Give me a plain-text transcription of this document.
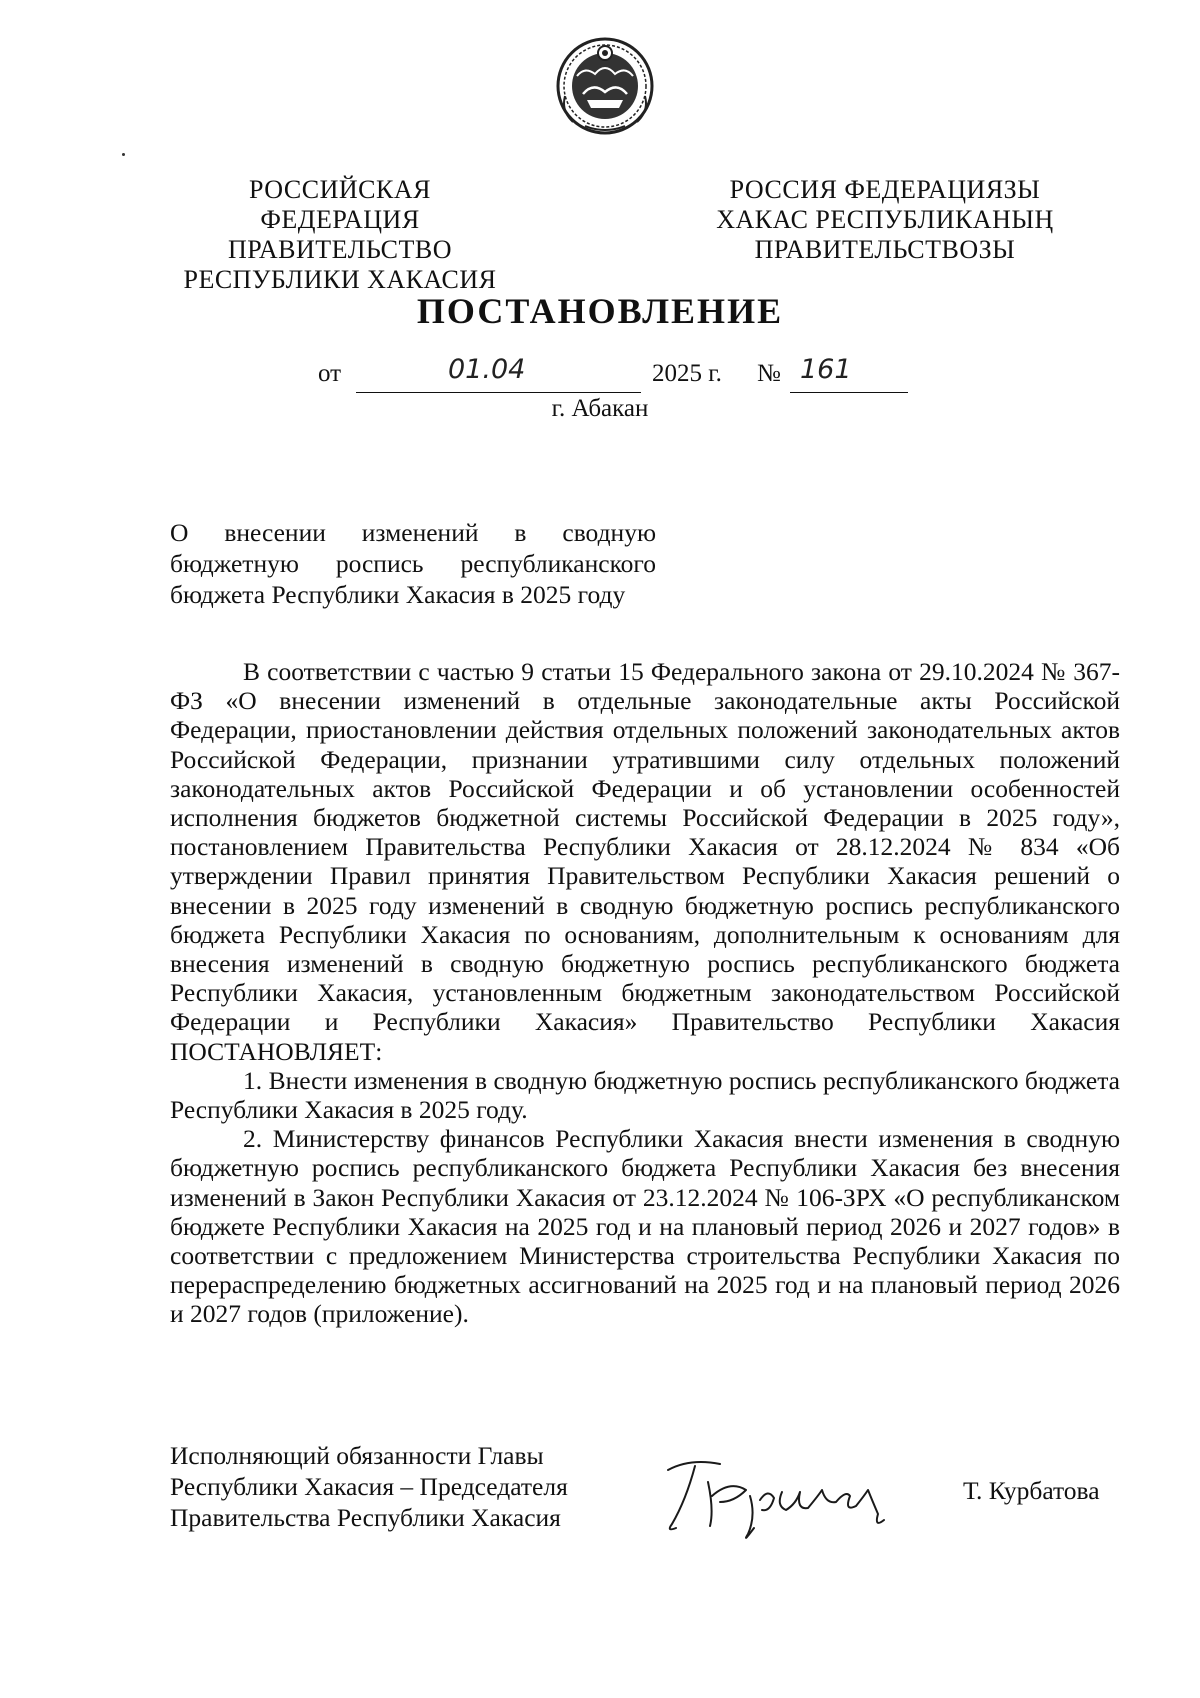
РОССИЙСКАЯ ФЕДЕРАЦИЯ
ПРАВИТЕЛЬСТВО
РЕСПУБЛИКИ ХАКАСИЯ
РОССИЯ ФЕДЕРАЦИЯЗЫ
ХАКАС РЕСПУБЛИКАНЫҢ
ПРАВИТЕЛЬСТВОЗЫ
ПОСТАНОВЛЕНИЕ
от	01.04	2025 г. № 161
г. Абакан
О внесении изменений в сводную
бюджетную роспись республиканского
бюджета Республики Хакасия в 2025 году

В соответствии с частью 9 статьи 15 Федерального закона от 29.10.2024 № 367-ФЗ «О внесении изменений в отдельные законодательные акты Российской Федерации, приостановлении действия отдельных положений законодательных актов Российской Федерации, признании утратившими силу отдельных положений законодательных актов Российской Федерации и об установлении особенностей исполнения бюджетов бюджетной системы Российской Федерации в 2025 году», постановлением Правительства Республики Хакасия от 28.12.2024 № 834 «Об утверждении Правил принятия Правительством Республики Хакасия решений о внесении в 2025 году изменений в сводную бюджетную роспись республиканского бюджета Республики Хакасия по основаниям, дополнительным к основаниям для внесения изменений в сводную бюджетную роспись республиканского бюджета Республики Хакасия, установленным бюджетным законодательством Российской Федерации и Республики Хакасия» Правительство Республики Хакасия ПОСТАНОВЛЯЕТ:

1. Внести изменения в сводную бюджетную роспись республиканского бюджета Республики Хакасия в 2025 году.

2. Министерству финансов Республики Хакасия внести изменения в сводную бюджетную роспись республиканского бюджета Республики Хакасия без внесения изменений в Закон Республики Хакасия от 23.12.2024 № 106-ЗРХ «О республиканском бюджете Республики Хакасия на 2025 год и на плановый период 2026 и 2027 годов» в соответствии с предложением Министерства строительства Республики Хакасия по перераспределению бюджетных ассигнований на 2025 год и на плановый период 2026 и 2027 годов (приложение).

Исполняющий обязанности Главы
Республики Хакасия – Председателя
Правительства Республики Хакасия
Т. Курбатова
